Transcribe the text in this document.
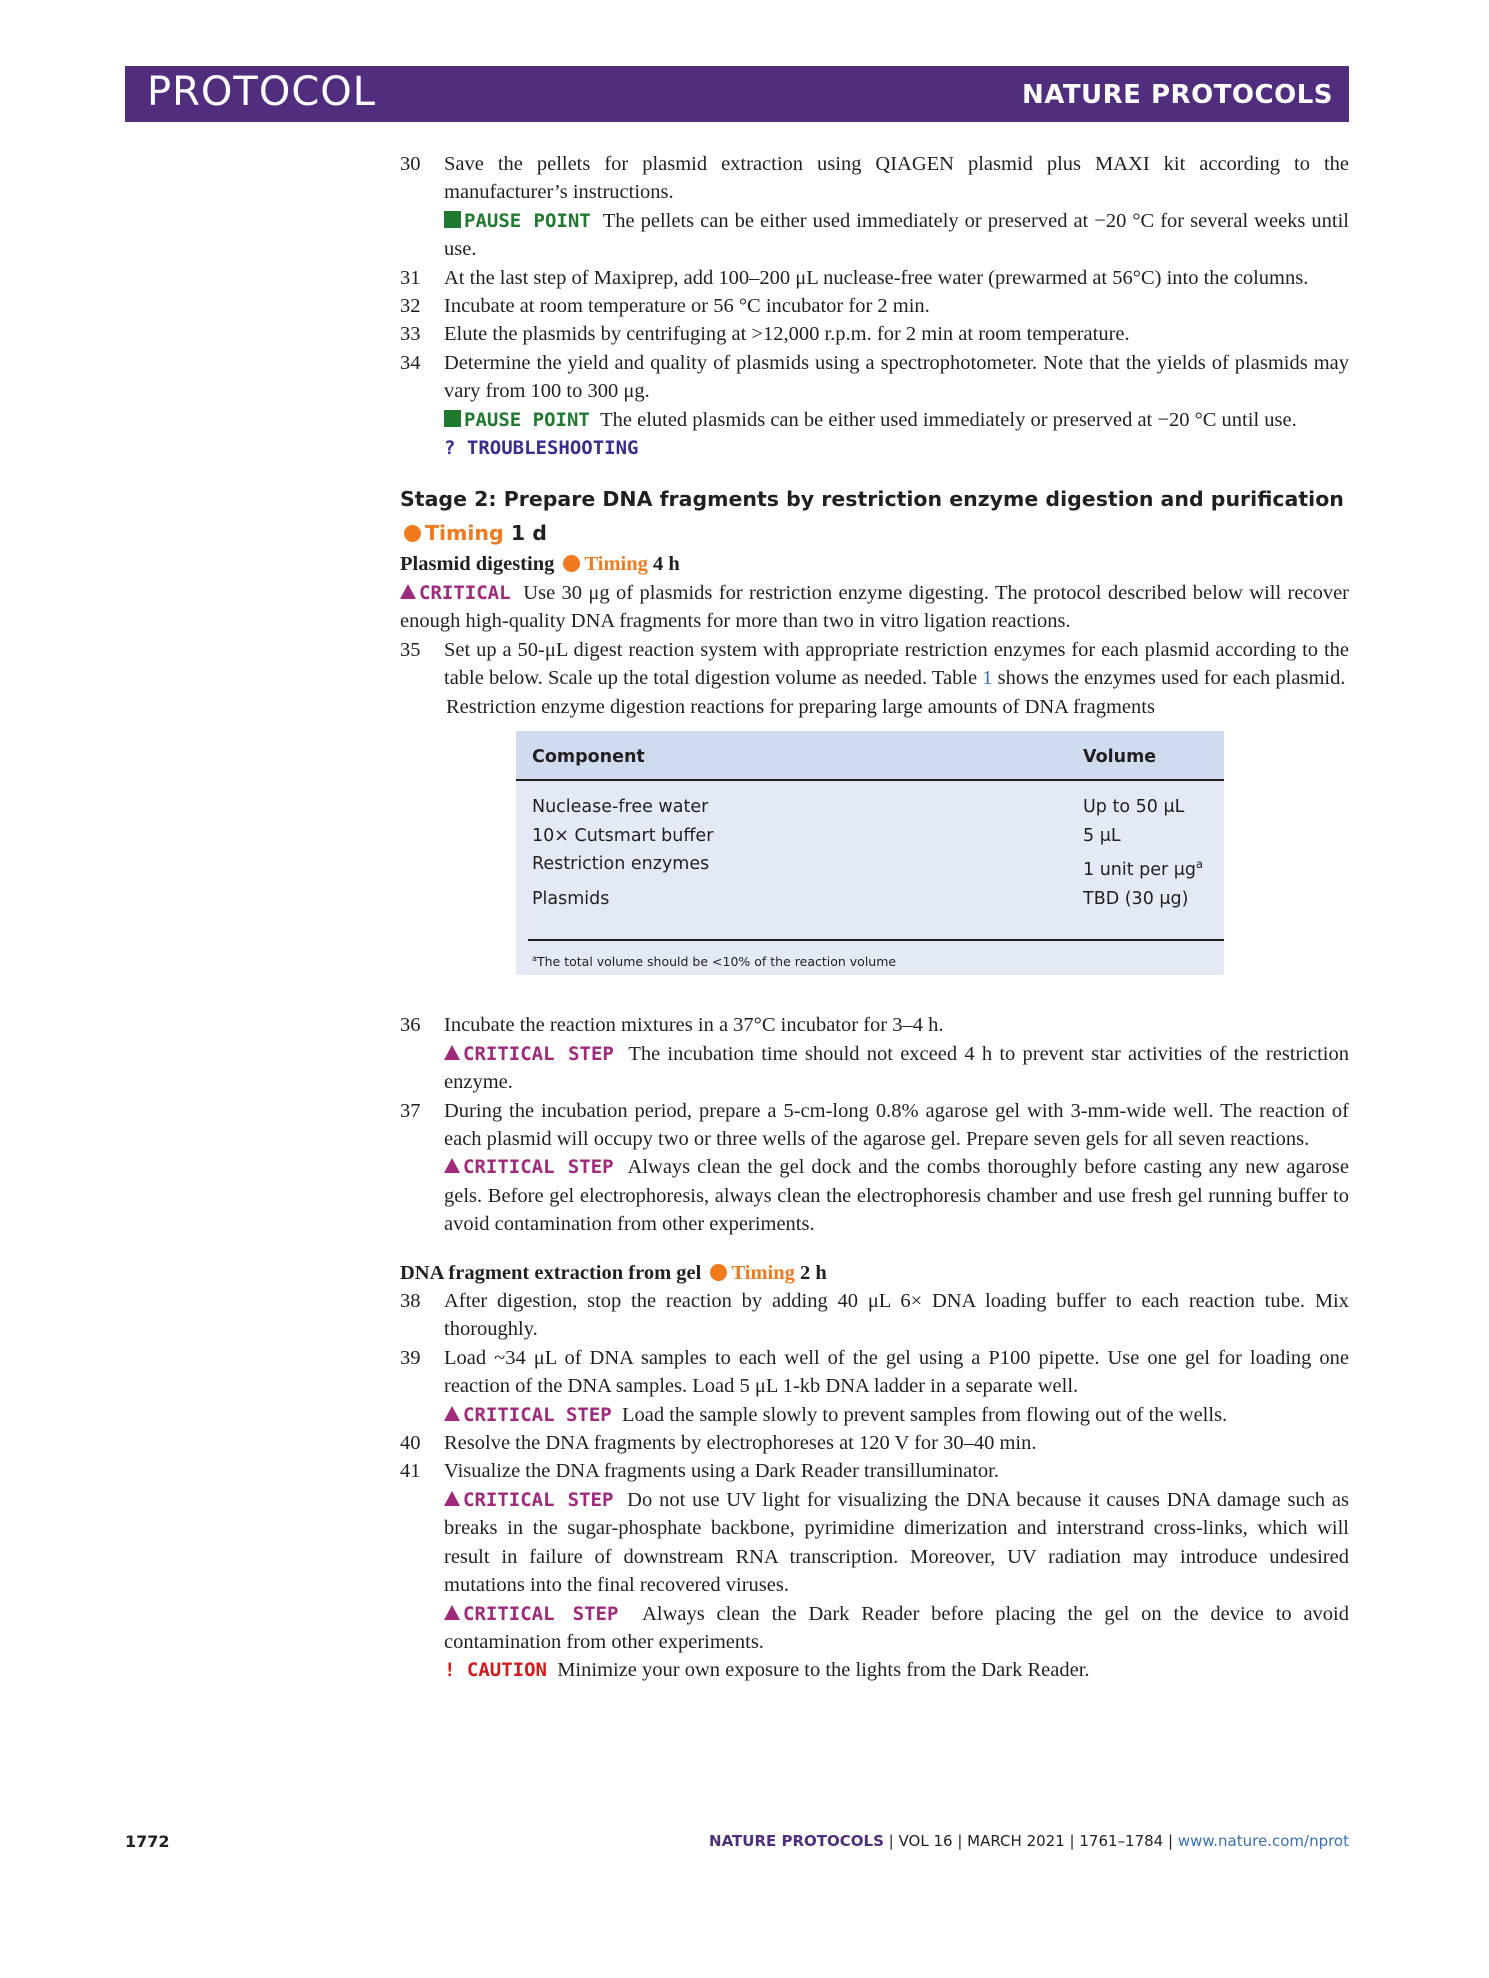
PROTOCOL	NATURE PROTOCOLS
30 Save the pellets for plasmid extraction using QIAGEN plasmid plus MAXI kit according to the manufacturer’s instructions.
PAUSE POINT The pellets can be either used immediately or preserved at −20 °C for several weeks until use.
31 At the last step of Maxiprep, add 100–200 μL nuclease-free water (prewarmed at 56°C) into the columns.
32 Incubate at room temperature or 56 °C incubator for 2 min.
33 Elute the plasmids by centrifuging at >12,000 r.p.m. for 2 min at room temperature.
34 Determine the yield and quality of plasmids using a spectrophotometer. Note that the yields of plasmids may vary from 100 to 300 μg.
PAUSE POINT The eluted plasmids can be either used immediately or preserved at −20 °C until use.
? TROUBLESHOOTING
Stage 2: Prepare DNA fragments by restriction enzyme digestion and purification Timing 1 d
Plasmid digesting Timing 4 h
CRITICAL Use 30 μg of plasmids for restriction enzyme digesting. The protocol described below will recover enough high-quality DNA fragments for more than two in vitro ligation reactions.
35 Set up a 50-μL digest reaction system with appropriate restriction enzymes for each plasmid according to the table below. Scale up the total digestion volume as needed. Table 1 shows the enzymes used for each plasmid.
Restriction enzyme digestion reactions for preparing large amounts of DNA fragments
Component	Volume
Nuclease-free water	Up to 50 μL
10× Cutsmart buffer	5 μL
Restriction enzymes	1 unit per $\mu g^a$
Plasmids	TBD (30 μg)
$^a$The total volume should be <10% of the reaction volume
36 Incubate the reaction mixtures in a 37°C incubator for 3–4 h.
CRITICAL STEP The incubation time should not exceed 4 h to prevent star activities of the restriction enzyme.
37 During the incubation period, prepare a 5-cm-long 0.8% agarose gel with 3-mm-wide well. The reaction of each plasmid will occupy two or three wells of the agarose gel. Prepare seven gels for all seven reactions.
CRITICAL STEP Always clean the gel dock and the combs thoroughly before casting any new agarose gels. Before gel electrophoresis, always clean the electrophoresis chamber and use fresh gel running buffer to avoid contamination from other experiments.
DNA fragment extraction from gel Timing 2 h
38 After digestion, stop the reaction by adding 40 μL 6× DNA loading buffer to each reaction tube. Mix thoroughly.
39 Load ~34 μL of DNA samples to each well of the gel using a P100 pipette. Use one gel for loading one reaction of the DNA samples. Load 5 μL 1-kb DNA ladder in a separate well.
CRITICAL STEP Load the sample slowly to prevent samples from flowing out of the wells.
40 Resolve the DNA fragments by electrophoreses at 120 V for 30–40 min.
41 Visualize the DNA fragments using a Dark Reader transilluminator.
CRITICAL STEP Do not use UV light for visualizing the DNA because it causes DNA damage such as breaks in the sugar-phosphate backbone, pyrimidine dimerization and interstrand cross-links, which will result in failure of downstream RNA transcription. Moreover, UV radiation may introduce undesired mutations into the final recovered viruses.
CRITICAL STEP Always clean the Dark Reader before placing the gel on the device to avoid contamination from other experiments.
! CAUTION Minimize your own exposure to the lights from the Dark Reader.
1772	NATURE PROTOCOLS | VOL 16 | MARCH 2021 | 1761–1784 | www.nature.com/nprot
